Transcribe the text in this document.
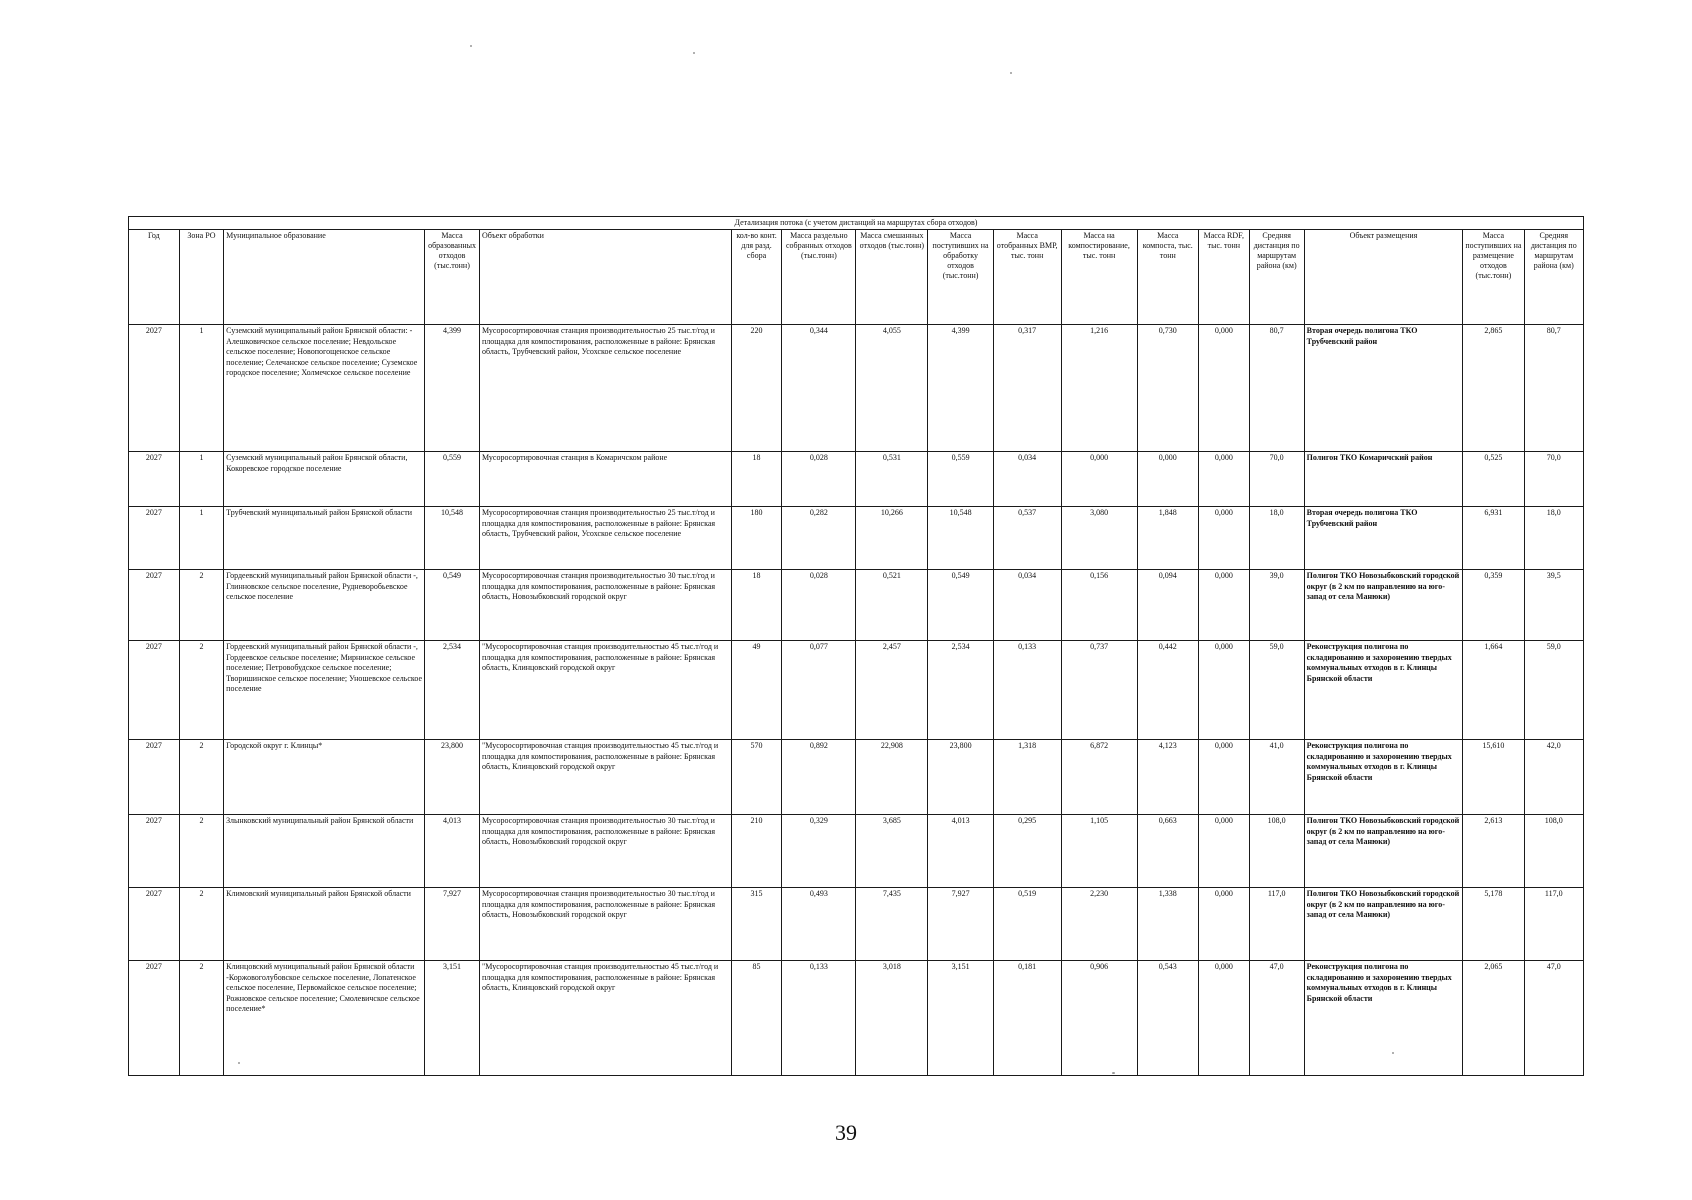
Детализация потока (с учетом дистанций на маршрутах сбора отходов)																
Год	Зона РО	Муниципальное образование	Масса образованных отходов (тыс.тонн)	Объект обработки	кол-во конт. для разд. сбора	Масса раздельно собранных отходов (тыс.тонн)	Масса смешанных отходов (тыс.тонн)	Масса поступивших на обработку отходов (тыс.тонн)	Масса отобранных ВМР, тыс. тонн	Масса на компостирование, тыс. тонн	Масса компоста, тыс. тонн	Масса RDF, тыс. тонн	Средняя дистанция по маршрутам района (км)	Объект размещения	Масса поступивших на размещение отходов (тыс.тонн)	Средняя дистанция по маршрутам района (км)
2027	1	Суземский муниципальный район Брянской области: - Алешковичское сельское поселение; Невдольское сельское поселение; Новопогощенское сельское поселение; Селечанское сельское поселение; Суземское городское поселение; Холмечское сельское поселение	4,399	Мусоросортировочная станция производительностью 25 тыс.т/год и площадка для компостирования, расположенные в районе: Брянская область, Трубчевский район, Усохское сельское поселение	220	0,344	4,055	4,399	0,317	1,216	0,730	0,000	80,7	Вторая очередь полигона ТКО Трубчевский район	2,865	80,7
2027	1	Суземский муниципальный район Брянской области, Кокоревское городское поселение	0,559	Мусоросортировочная станция в Комаричском районе	18	0,028	0,531	0,559	0,034	0,000	0,000	0,000	70,0	Полигон ТКО Комаричский район	0,525	70,0
2027	1	Трубчевский муниципальный район Брянской области	10,548	Мусоросортировочная станция производительностью 25 тыс.т/год и площадка для компостирования, расположенные в районе: Брянская область, Трубчевский район, Усохское сельское поселение	180	0,282	10,266	10,548	0,537	3,080	1,848	0,000	18,0	Вторая очередь полигона ТКО Трубчевский район	6,931	18,0
2027	2	Гордеевский муниципальный район Брянской области -, Глинновское сельское поселение, Рудневоробьевское сельское поселение	0,549	Мусоросортировочная станция производительностью 30 тыс.т/год и площадка для компостирования, расположенные в районе: Брянская область, Новозыбковский городской округ	18	0,028	0,521	0,549	0,034	0,156	0,094	0,000	39,0	Полигон ТКО Новозыбковский городской округ (в 2 км по направлению на юго-запад от села Манюки)	0,359	39,5
2027	2	Гордеевский муниципальный район Брянской области -, Гордеевское сельское поселение; Мирнинское сельское поселение; Петровобудское сельское поселение; Творишинское сельское поселение; Уношевское сельское поселение	2,534	"Мусоросортировочная станция производительностью 45 тыс.т/год и площадка для компостирования, расположенные в районе: Брянская область, Клинцовский городской округ	49	0,077	2,457	2,534	0,133	0,737	0,442	0,000	59,0	Реконструкция полигона по складированию и захоронению твердых коммунальных отходов в г. Клинцы Брянской области	1,664	59,0
2027	2	Городской округ г. Клинцы*	23,800	"Мусоросортировочная станция производительностью 45 тыс.т/год и площадка для компостирования, расположенные в районе: Брянская область, Клинцовский городской округ	570	0,892	22,908	23,800	1,318	6,872	4,123	0,000	41,0	Реконструкция полигона по складированию и захоронению твердых коммунальных отходов в г. Клинцы Брянской области	15,610	42,0
2027	2	Злынковский муниципальный район Брянской области	4,013	Мусоросортировочная станция производительностью 30 тыс.т/год и площадка для компостирования, расположенные в районе: Брянская область, Новозыбковский городской округ	210	0,329	3,685	4,013	0,295	1,105	0,663	0,000	108,0	Полигон ТКО Новозыбковский городской округ (в 2 км по направлению на юго-запад от села Манюки)	2,613	108,0
2027	2	Климовский муниципальный район Брянской области	7,927	Мусоросортировочная станция производительностью 30 тыс.т/год и площадка для компостирования, расположенные в районе: Брянская область, Новозыбковский городской округ	315	0,493	7,435	7,927	0,519	2,230	1,338	0,000	117,0	Полигон ТКО Новозыбковский городской округ (в 2 км по направлению на юго-запад от села Манюки)	5,178	117,0
2027	2	Клинцовский муниципальный район Брянской области -Коржовоголубовское сельское поселение, Лопатенское сельское поселение, Первомайское сельское поселение; Рожновское сельское поселение; Смолевичское сельское поселение*	3,151	"Мусоросортировочная станция производительностью 45 тыс.т/год и площадка для компостирования, расположенные в районе: Брянская область, Клинцовский городской округ	85	0,133	3,018	3,151	0,181	0,906	0,543	0,000	47,0	Реконструкция полигона по складированию и захоронению твердых коммунальных отходов в г. Клинцы Брянской области	2,065	47,0
39
